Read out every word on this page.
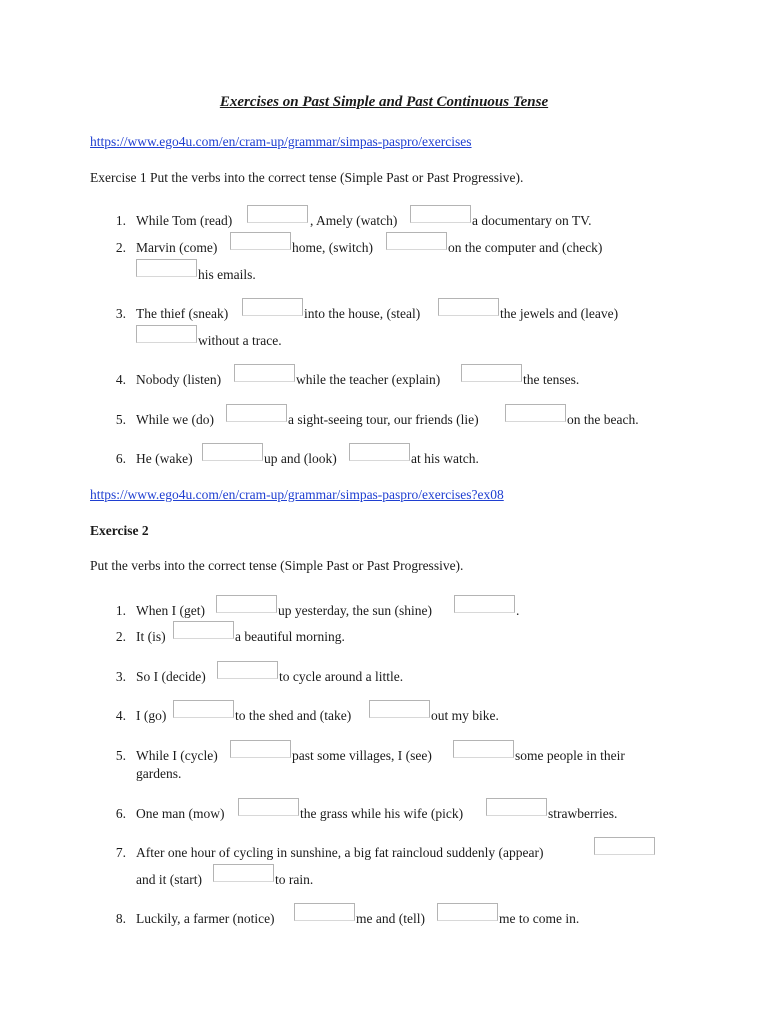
Exercises on Past Simple and Past Continuous Tense
https://www.ego4u.com/en/cram-up/grammar/simpas-paspro/exercises
Exercise 1 Put the verbs into the correct tense (Simple Past or Past Progressive).
1. While Tom (read)	, Amely (watch)	a documentary on TV.
2. Marvin (come)	home, (switch)	on the computer and (check)
his emails.
3. The thief (sneak)	into the house, (steal)	the jewels and (leave)
without a trace.
4. Nobody (listen)	while the teacher (explain)	the tenses.
5. While we (do)	a sight-seeing tour, our friends (lie)	on the beach.
6. He (wake)	up and (look)	at his watch.
https://www.ego4u.com/en/cram-up/grammar/simpas-paspro/exercises?ex08
Exercise 2
Put the verbs into the correct tense (Simple Past or Past Progressive).
1. When I (get)	up yesterday, the sun (shine)	.
2. It (is)	a beautiful morning.
3. So I (decide)	to cycle around a little.
4. I (go)	to the shed and (take)	out my bike.
5. While I (cycle)	past some villages, I (see)	some people in their
gardens.
6. One man (mow)	the grass while his wife (pick)	strawberries.
7. After one hour of cycling in sunshine, a big fat raincloud suddenly (appear)
and it (start)	to rain.
8. Luckily, a farmer (notice)	me and (tell)	me to come in.
